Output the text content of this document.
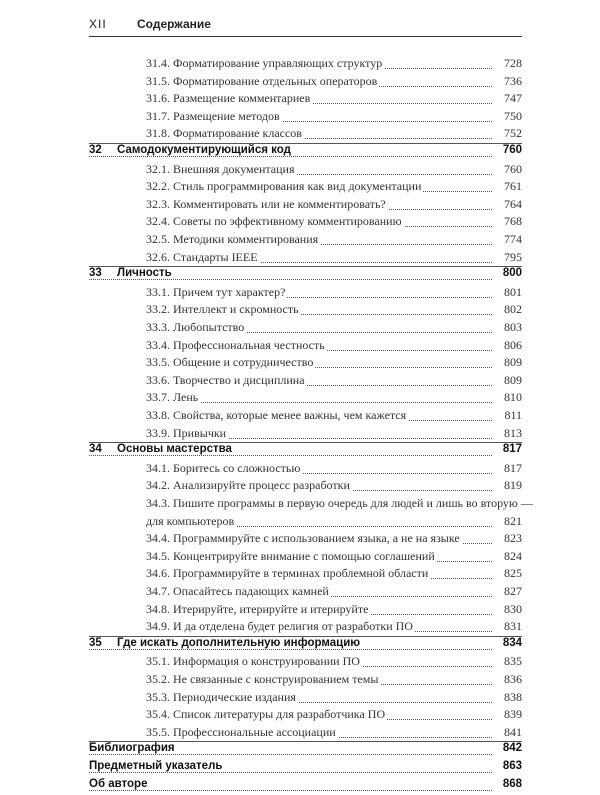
XII	Содержание
31.4. Форматирование управляющих структур	728
31.5. Форматирование отдельных операторов	736
31.6. Размещение комментариев	747
31.7. Размещение методов	750
31.8. Форматирование классов	752
32 Самодокументирующийся код	760
32.1. Внешняя документация	760
32.2. Стиль программирования как вид документации	761
32.3. Комментировать или не комментировать?	764
32.4. Советы по эффективному комментированию	768
32.5. Методики комментирования	774
32.6. Стандарты IEEE	795
33 Личность	800
33.1. Причем тут характер?	801
33.2. Интеллект и скромность	802
33.3. Любопытство	803
33.4. Профессиональная честность	806
33.5. Общение и сотрудничество	809
33.6. Творчество и дисциплина	809
33.7. Лень	810
33.8. Свойства, которые менее важны, чем кажется	811
33.9. Привычки	813
34 Основы мастерства	817
34.1. Боритесь со сложностью	817
34.2. Анализируйте процесс разработки	819
34.3. Пишите программы в первую очередь для людей и лишь во вторую —
для компьютеров	821
34.4. Программируйте с использованием языка, а не на языке	823
34.5. Концентрируйте внимание с помощью соглашений	824
34.6. Программируйте в терминах проблемной области	825
34.7. Опасайтесь падающих камней	827
34.8. Итерируйте, итерируйте и итерируйте	830
34.9. И да отделена будет религия от разработки ПО	831
35 Где искать дополнительную информацию	834
35.1. Информация о конструировании ПО	835
35.2. Не связанные с конструированием темы	836
35.3. Периодические издания	838
35.4. Список литературы для разработчика ПО	839
35.5. Профессиональные ассоциации	841
Библиография	842
Предметный указатель	863
Об авторе	868
